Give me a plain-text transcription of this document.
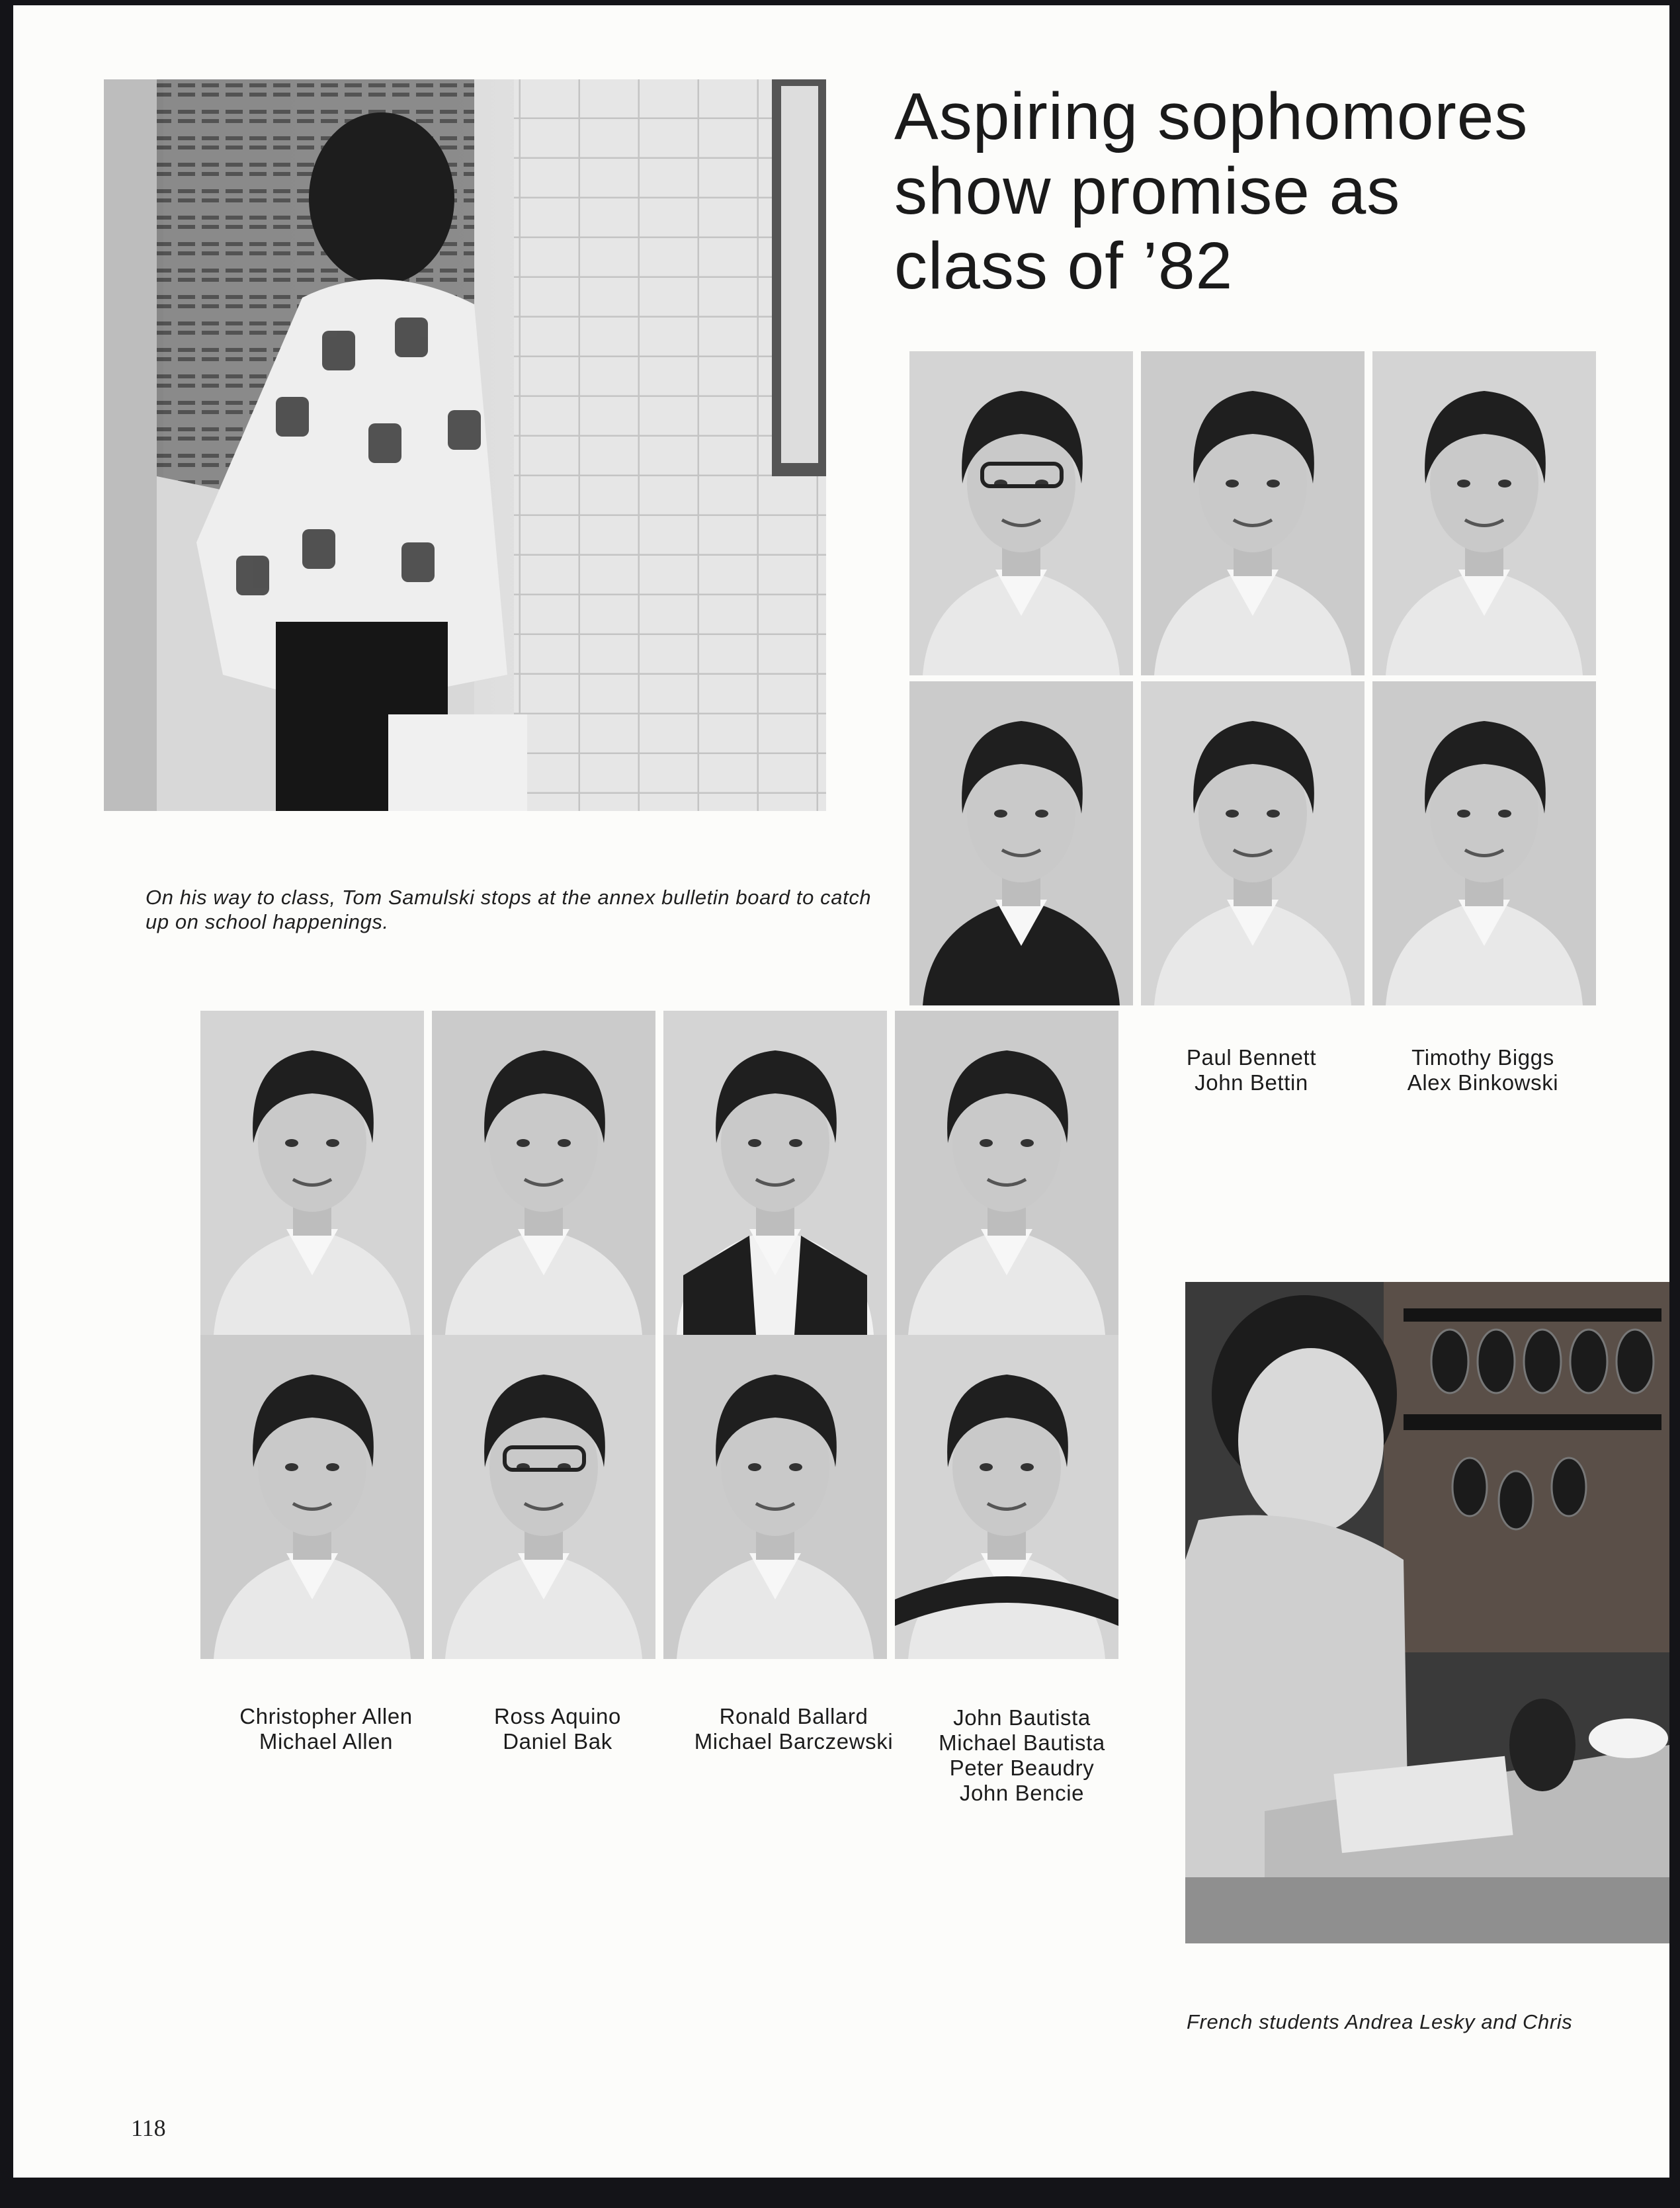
Aspiring sophomores
show promise as
class of ’82
On his way to class, Tom Samulski stops at the annex bulletin board to catch up on school happenings.
Christopher Allen
Michael Allen
Ross Aquino
Daniel Bak
Ronald Ballard
Michael Barczewski
John Bautista
Michael Bautista
Peter Beaudry
John Bencie
Paul Bennett
John Bettin
Timothy Biggs
Alex Binkowski
French students Andrea Lesky and Chris
118
